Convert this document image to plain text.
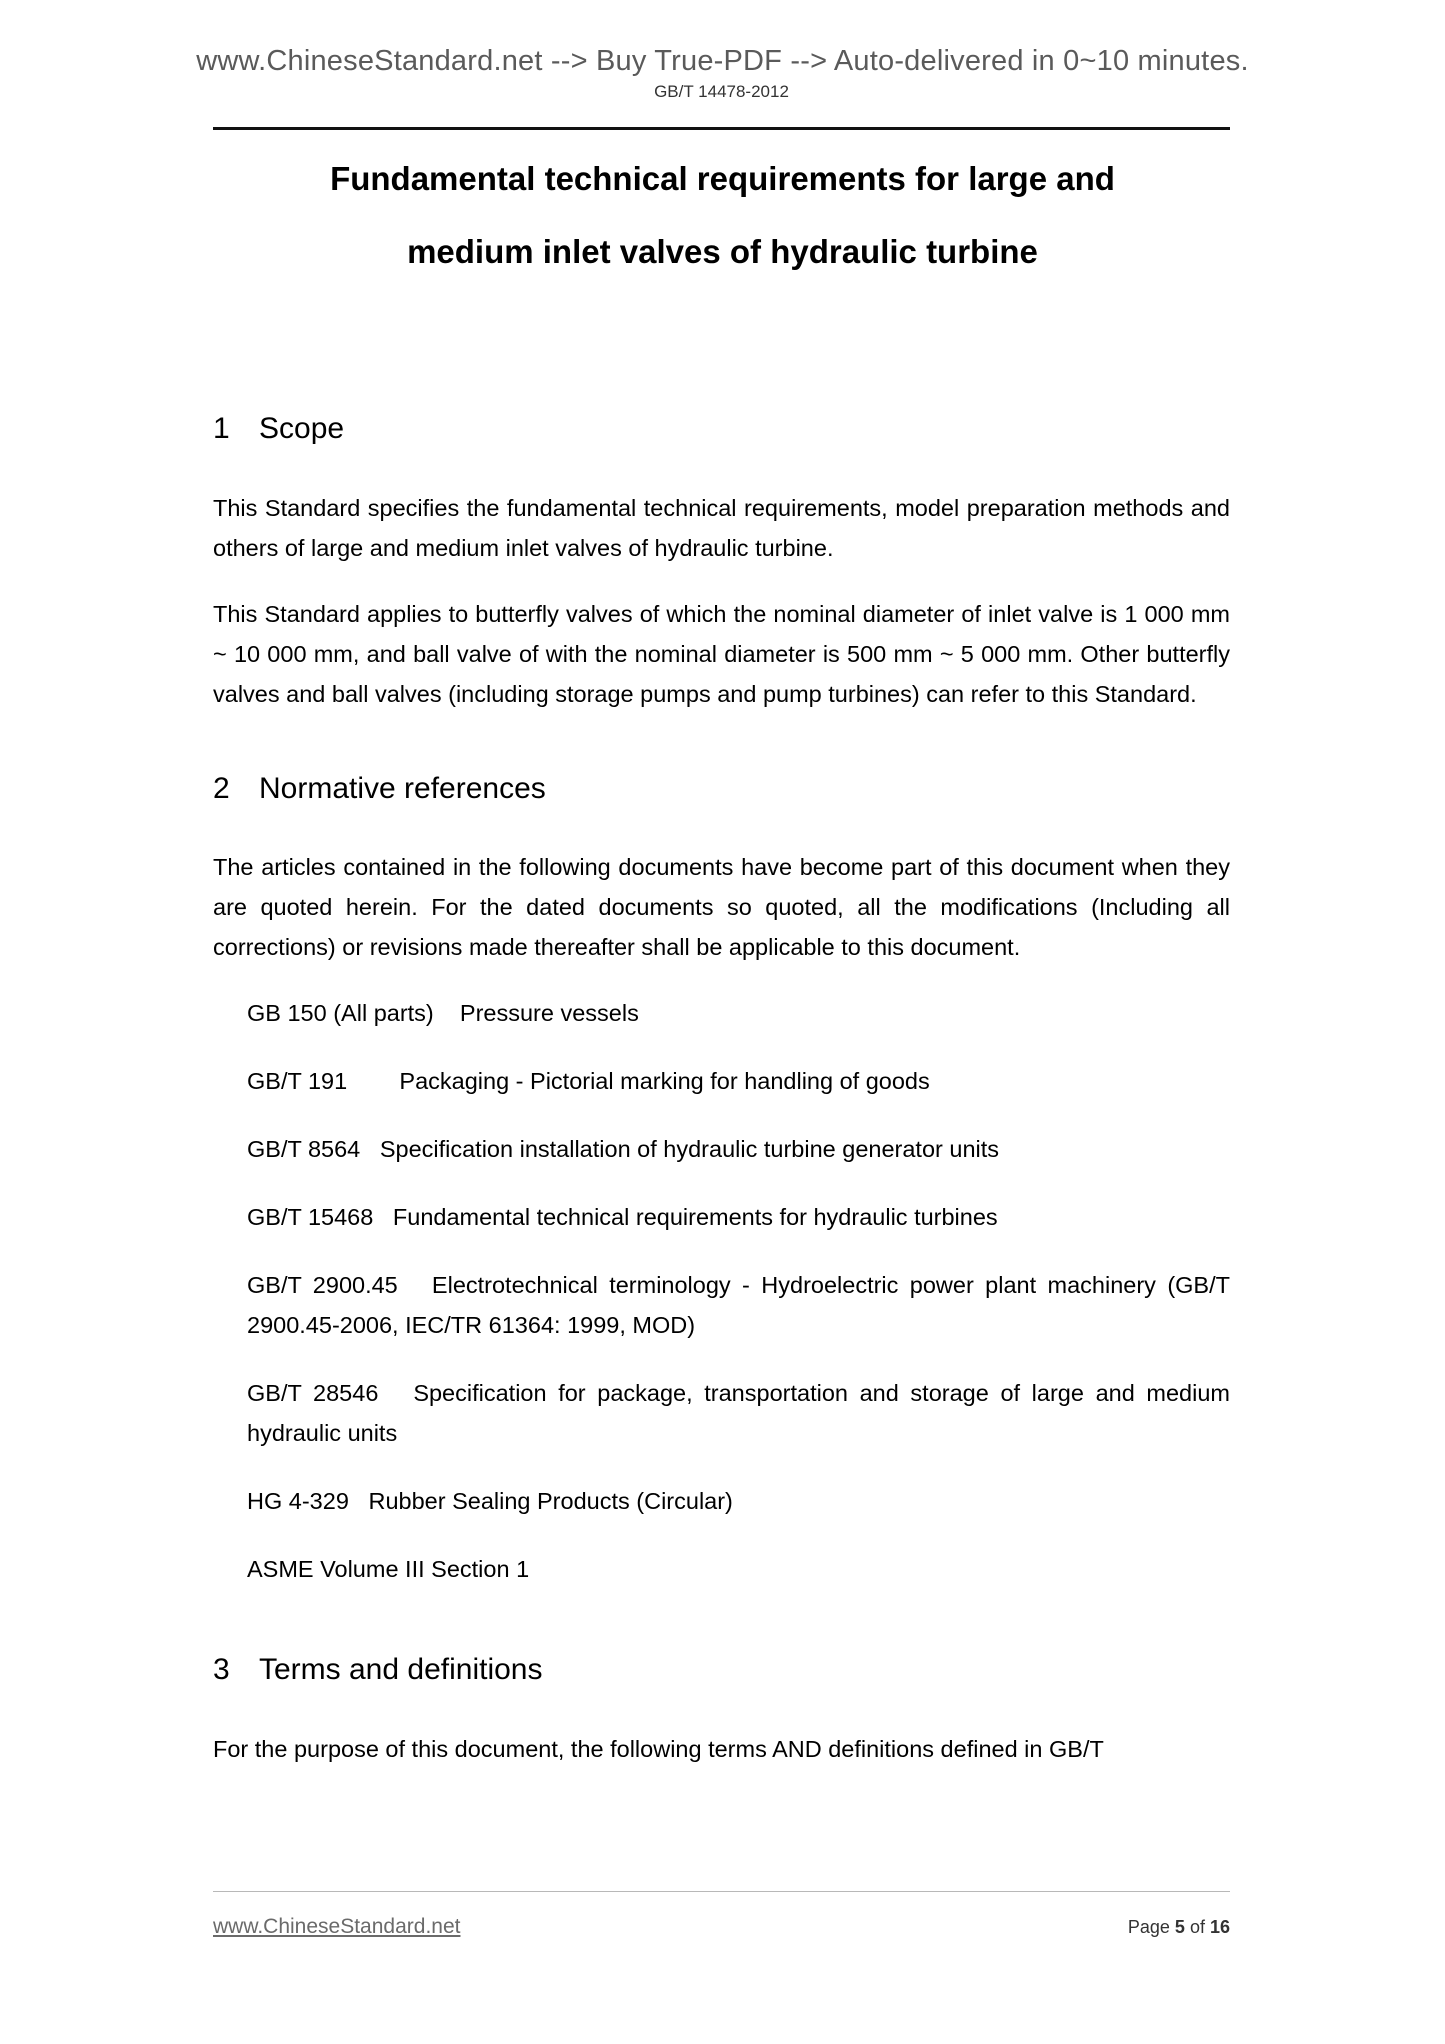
www.ChineseStandard.net --> Buy True-PDF --> Auto-delivered in 0~10 minutes.
GB/T 14478-2012
Fundamental technical requirements for large and
medium inlet valves of hydraulic turbine
1 Scope

This Standard specifies the fundamental technical requirements, model preparation methods and others of large and medium inlet valves of hydraulic turbine.

This Standard applies to butterfly valves of which the nominal diameter of inlet valve is 1 000 mm ~ 10 000 mm, and ball valve of with the nominal diameter is 500 mm ~ 5 000 mm. Other butterfly valves and ball valves (including storage pumps and pump turbines) can refer to this Standard.

2 Normative references

The articles contained in the following documents have become part of this document when they are quoted herein. For the dated documents so quoted, all the modifications (Including all corrections) or revisions made thereafter shall be applicable to this document.

GB 150 (All parts) Pressure vessels
GB/T 191 Packaging - Pictorial marking for handling of goods
GB/T 8564 Specification installation of hydraulic turbine generator units
GB/T 15468 Fundamental technical requirements for hydraulic turbines
GB/T 2900.45 Electrotechnical terminology - Hydroelectric power plant machinery (GB/T 2900.45-2006, IEC/TR 61364: 1999, MOD)
GB/T 28546 Specification for package, transportation and storage of large and medium hydraulic units
HG 4-329 Rubber Sealing Products (Circular)
ASME Volume III Section 1
3 Terms and definitions

For the purpose of this document, the following terms AND definitions defined in GB/T

www.ChineseStandard.net	Page 5 of 16
